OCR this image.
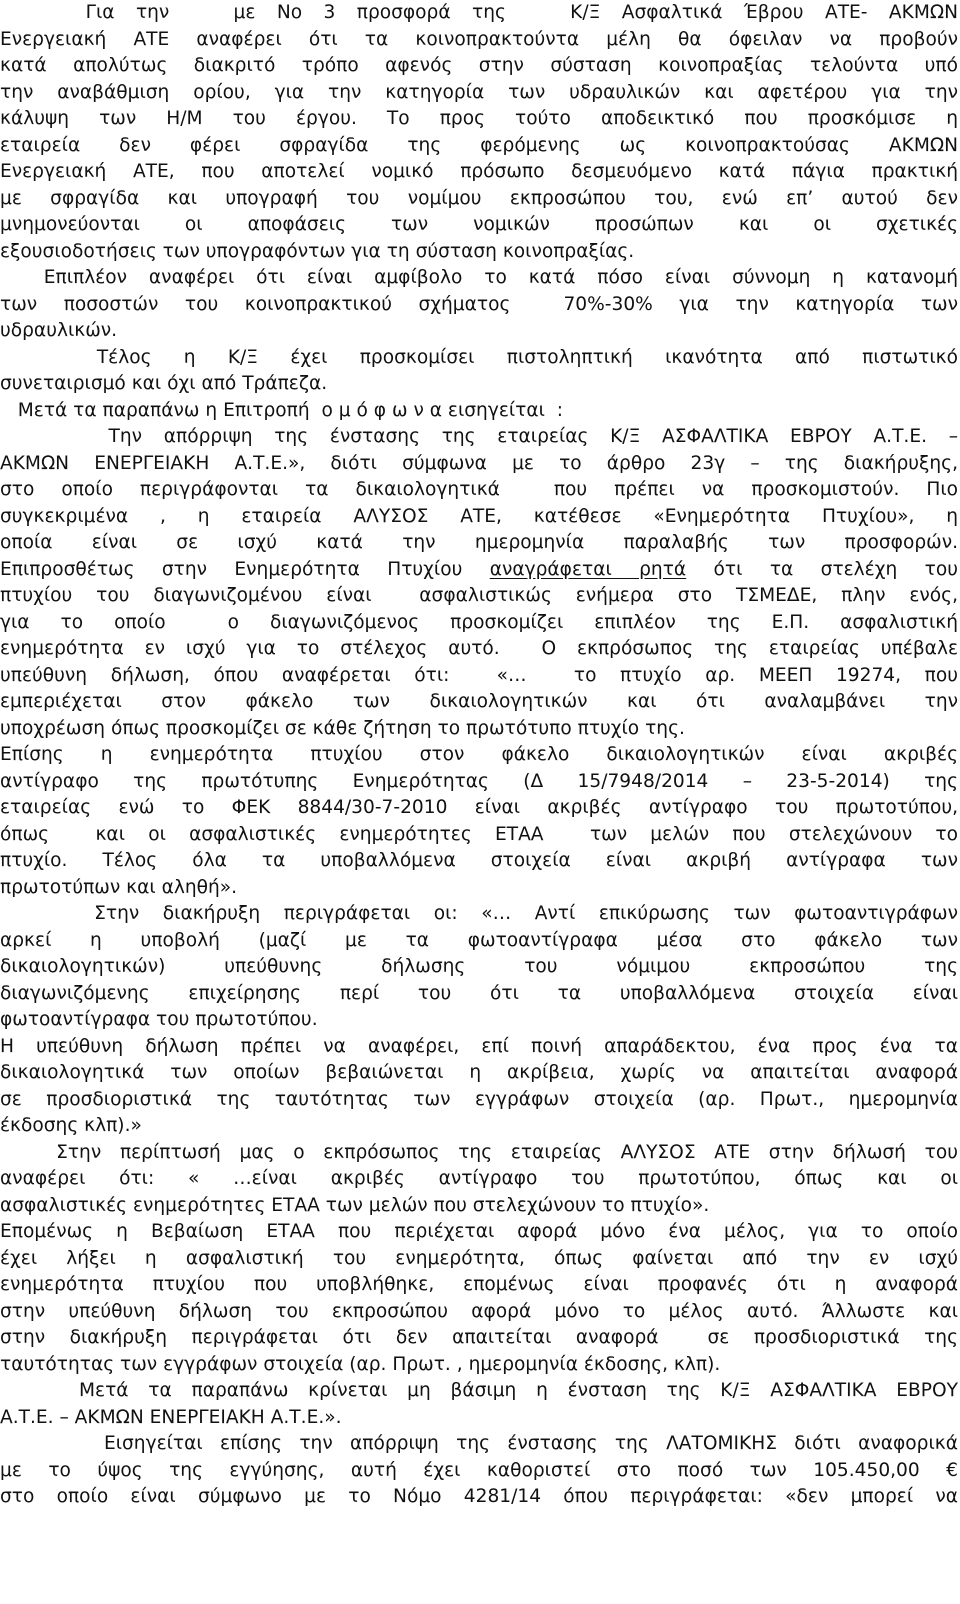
Για την   με Νο 3 προσφορά της   Κ/Ξ Ασφαλτικά Έβρου ΑΤΕ- ΑΚΜΩΝ
Ενεργειακή ΑΤΕ αναφέρει ότι τα κοινοπρακτούντα μέλη θα όφειλαν να προβούν
κατά απολύτως διακριτό τρόπο αφενός στην σύσταση κοινοπραξίας τελούντα υπό
την αναβάθμιση ορίου, για την κατηγορία των υδραυλικών και αφετέρου για την
κάλυψη των Η/Μ του έργου. Το προς τούτο αποδεικτικό που προσκόμισε η
εταιρεία δεν φέρει σφραγίδα της φερόμενης ως κοινοπρακτούσας ΑΚΜΩΝ
Ενεργειακή ΑΤΕ, που αποτελεί νομικό πρόσωπο δεσμευόμενο κατά πάγια πρακτική
με σφραγίδα και υπογραφή του νομίμου εκπροσώπου του, ενώ επ’ αυτού δεν
μνημονεύονται οι αποφάσεις των νομικών προσώπων και οι σχετικές
εξουσιοδοτήσεις των υπογραφόντων για τη σύσταση κοινοπραξίας.
Επιπλέον αναφέρει ότι είναι αμφίβολο το κατά πόσο είναι σύννομη η κατανομή
των ποσοστών του κοινοπρακτικού σχήματος  70%-30% για την κατηγορία των
υδραυλικών.
Τέλος η Κ/Ξ έχει προσκομίσει πιστοληπτική ικανότητα από πιστωτικό
συνεταιρισμό και όχι από Τράπεζα.
Μετά τα παραπάνω η Επιτροπή  ο μ ό φ ω ν α εισηγείται  :
Την απόρριψη της ένστασης της εταιρείας Κ/Ξ ΑΣΦΑΛΤΙΚΑ ΕΒΡΟΥ Α.Τ.Ε. –
ΑΚΜΩΝ ΕΝΕΡΓΕΙΑΚΗ Α.Τ.Ε.», διότι σύμφωνα με το άρθρο 23γ – της διακήρυξης,
στο οποίο περιγράφονται τα δικαιολογητικά  που πρέπει να προσκομιστούν. Πιο
συγκεκριμένα , η εταιρεία ΑΛΥΣΟΣ ΑΤΕ, κατέθεσε «Ενημερότητα Πτυχίου», η
οποία είναι σε ισχύ κατά την ημερομηνία παραλαβής των προσφορών.
Επιπροσθέτως στην Ενημερότητα Πτυχίου αναγράφεται ρητά ότι τα στελέχη του
πτυχίου του διαγωνιζομένου είναι  ασφαλιστικώς ενήμερα στο ΤΣΜΕΔΕ, πλην ενός,
για το οποίο  ο διαγωνιζόμενος προσκομίζει επιπλέον της Ε.Π. ασφαλιστική
ενημερότητα εν ισχύ για το στέλεχος αυτό.  Ο εκπρόσωπος της εταιρείας υπέβαλε
υπεύθυνη δήλωση, όπου αναφέρεται ότι:  «…  το πτυχίο αρ. ΜΕΕΠ 19274, που
εμπεριέχεται στον φάκελο των δικαιολογητικών και ότι αναλαμβάνει την
υποχρέωση όπως προσκομίζει σε κάθε ζήτηση το πρωτότυπο πτυχίο της.
Επίσης η ενημερότητα πτυχίου στον φάκελο δικαιολογητικών είναι ακριβές
αντίγραφο της πρωτότυπης Ενημερότητας (Δ 15/7948/2014 – 23-5-2014) της
εταιρείας ενώ το ΦΕΚ 8844/30-7-2010 είναι ακριβές αντίγραφο του πρωτοτύπου,
όπως  και οι ασφαλιστικές ενημερότητες ΕΤΑΑ  των μελών που στελεχώνουν το
πτυχίο. Τέλος όλα τα υποβαλλόμενα στοιχεία είναι ακριβή αντίγραφα των
πρωτοτύπων και αληθή».
Στην διακήρυξη περιγράφεται οι: «… Αντί επικύρωσης των φωτοαντιγράφων
αρκεί η υποβολή (μαζί με τα φωτοαντίγραφα μέσα στο φάκελο των
δικαιολογητικών) υπεύθυνης δήλωσης του νόμιμου εκπροσώπου της
διαγωνιζόμενης επιχείρησης περί του ότι τα υποβαλλόμενα στοιχεία είναι
φωτοαντίγραφα του πρωτοτύπου.
Η υπεύθυνη δήλωση πρέπει να αναφέρει, επί ποινή απαράδεκτου, ένα προς ένα τα
δικαιολογητικά των οποίων βεβαιώνεται η ακρίβεια, χωρίς να απαιτείται αναφορά
σε προσδιοριστικά της ταυτότητας των εγγράφων στοιχεία (αρ. Πρωτ., ημερομηνία
έκδοσης κλπ).»
Στην περίπτωσή μας ο εκπρόσωπος της εταιρείας ΑΛΥΣΟΣ ΑΤΕ στην δήλωσή του
αναφέρει ότι: « …είναι ακριβές αντίγραφο του πρωτοτύπου, όπως και οι
ασφαλιστικές ενημερότητες ΕΤΑΑ των μελών που στελεχώνουν το πτυχίο».
Επομένως η Βεβαίωση ΕΤΑΑ που περιέχεται αφορά μόνο ένα μέλος, για το οποίο
έχει λήξει η ασφαλιστική του ενημερότητα, όπως φαίνεται από την εν ισχύ
ενημερότητα πτυχίου που υποβλήθηκε, επομένως είναι προφανές ότι η αναφορά
στην υπεύθυνη δήλωση του εκπροσώπου αφορά μόνο το μέλος αυτό. Άλλωστε και
στην διακήρυξη περιγράφεται ότι δεν απαιτείται αναφορά  σε προσδιοριστικά της
ταυτότητας των εγγράφων στοιχεία (αρ. Πρωτ. , ημερομηνία έκδοσης, κλπ).
Μετά τα παραπάνω κρίνεται μη βάσιμη η ένσταση της Κ/Ξ ΑΣΦΑΛΤΙΚΑ ΕΒΡΟΥ
Α.Τ.Ε. – ΑΚΜΩΝ ΕΝΕΡΓΕΙΑΚΗ Α.Τ.Ε.».
Εισηγείται επίσης την απόρριψη της ένστασης της ΛΑΤΟΜΙΚΗΣ διότι αναφορικά
με το ύψος της εγγύησης, αυτή έχει καθοριστεί στο ποσό των 105.450,00 €
στο οποίο είναι σύμφωνο με το Νόμο 4281/14 όπου περιγράφεται: «δεν μπορεί να
